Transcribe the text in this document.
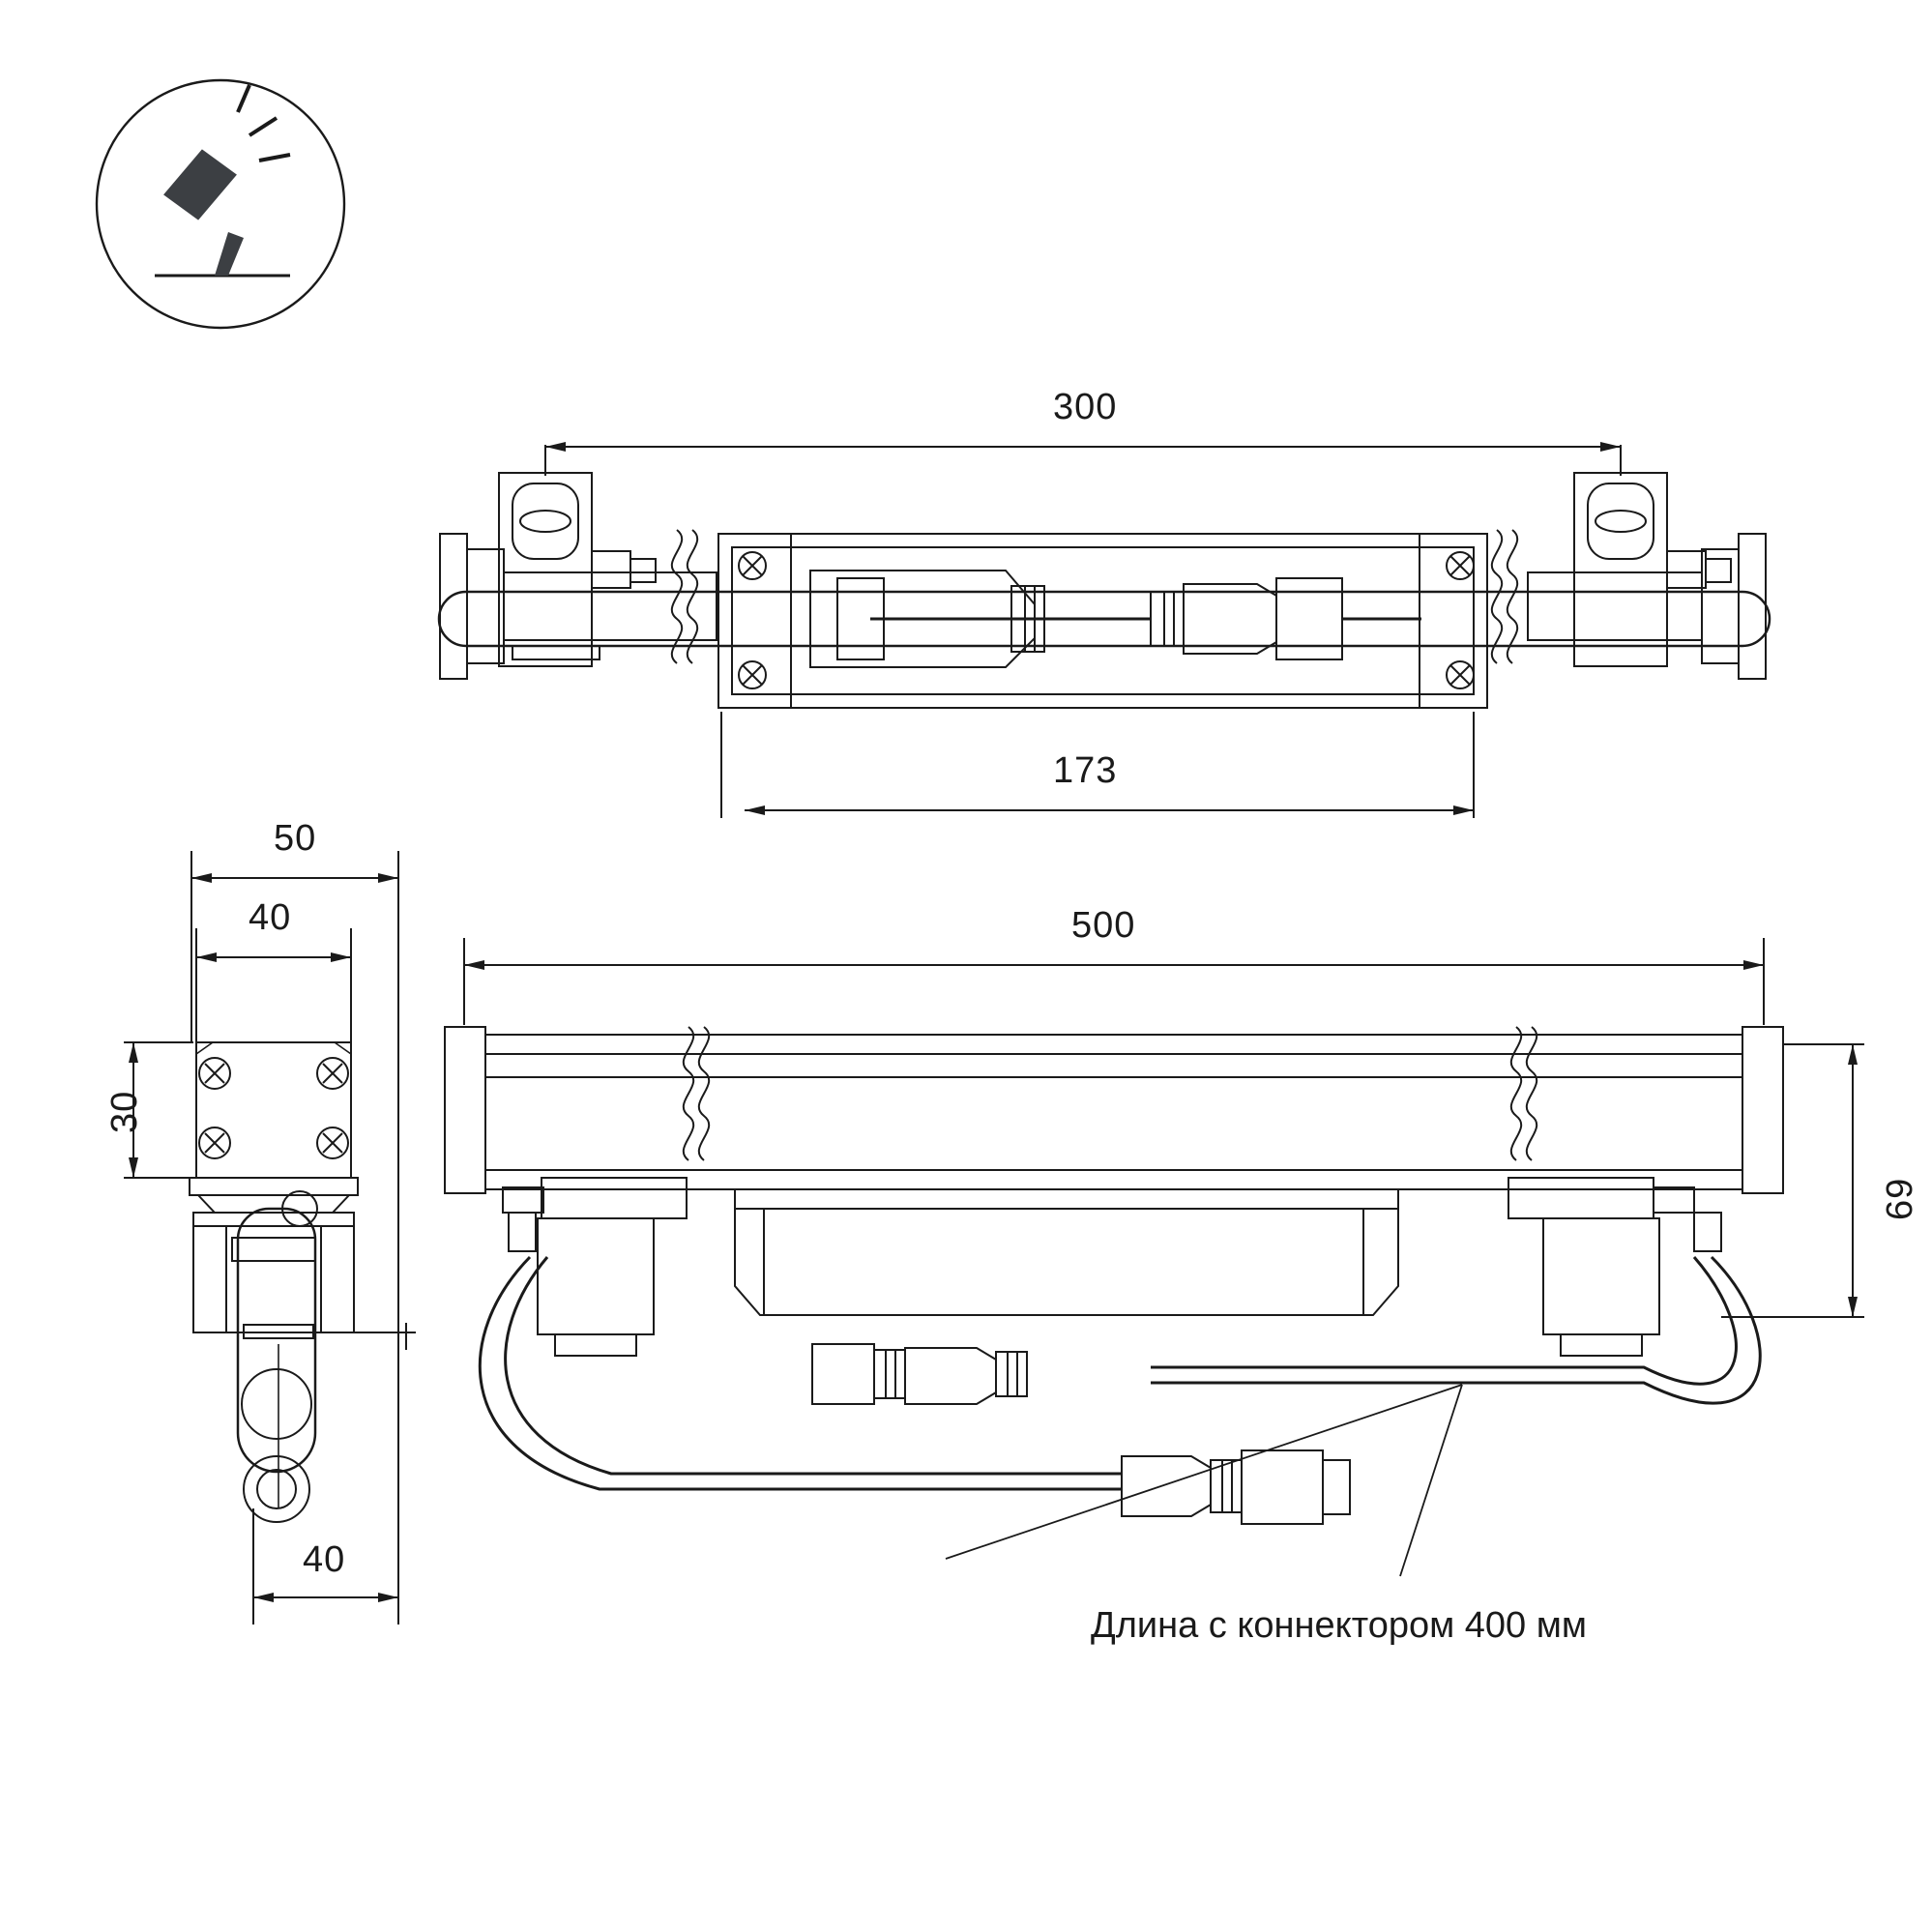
300
173
500
50
40
30
40
69
Длина с коннектором 400 мм
